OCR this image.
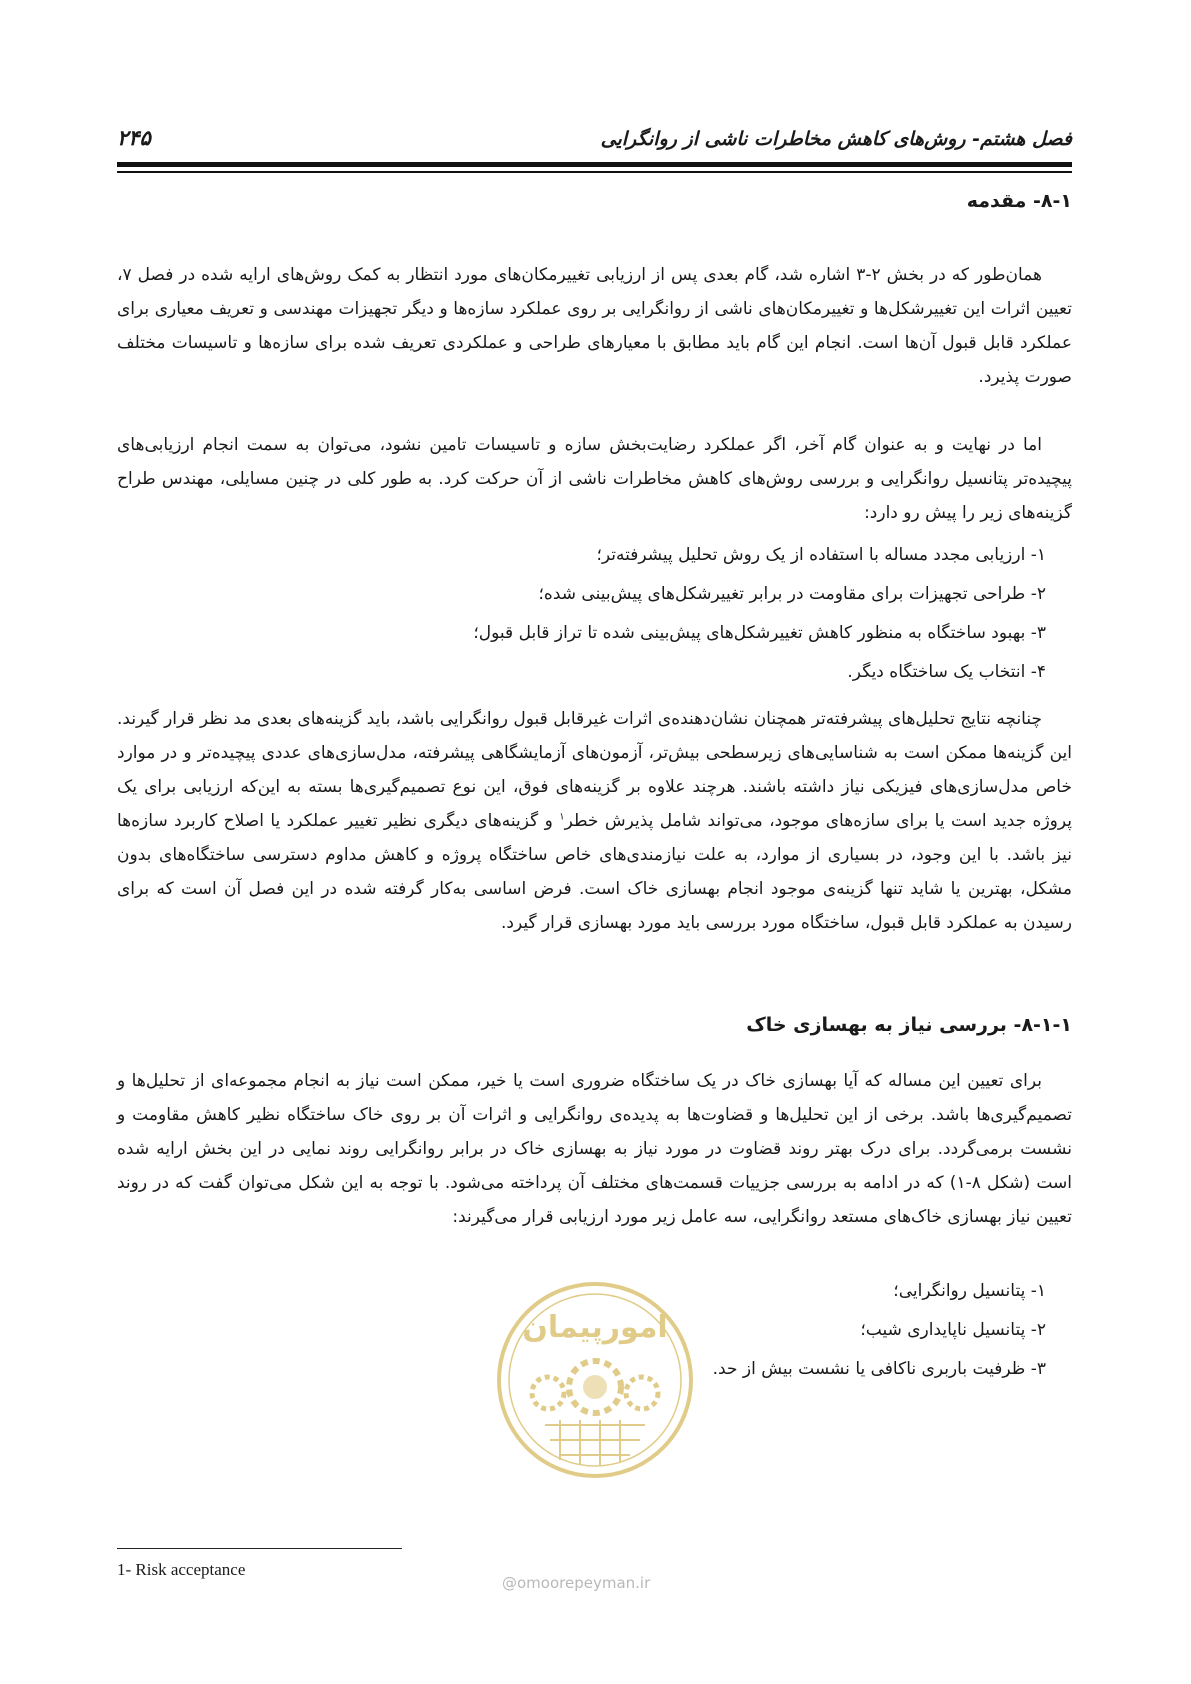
فصل هشتم- روش‌های کاهش مخاطرات ناشی از روانگرایی
۲۴۵
۸-۱- مقدمه

همان‌طور که در بخش ۲-۳ اشاره شد، گام بعدی پس از ارزیابی تغییرمکان‌های مورد انتظار به کمک روش‌های ارایه شده در فصل ۷، تعیین اثرات این تغییرشکل‌ها و تغییرمکان‌های ناشی از روانگرایی بر روی عملکرد سازه‌ها و دیگر تجهیزات مهندسی و تعریف معیاری برای عملکرد قابل قبول آن‌ها است. انجام این گام باید مطابق با معیارهای طراحی و عملکردی تعریف شده برای سازه‌ها و تاسیسات مختلف صورت پذیرد.

اما در نهایت و به عنوان گام آخر، اگر عملکرد رضایت‌بخش سازه و تاسیسات تامین نشود، می‌توان به سمت انجام ارزیابی‌های پیچیده‌تر پتانسیل روانگرایی و بررسی روش‌های کاهش مخاطرات ناشی از آن حرکت کرد. به طور کلی در چنین مسایلی، مهندس طراح گزینه‌های زیر را پیش رو دارد:

۱- ارزیابی مجدد مساله با استفاده از یک روش تحلیل پیشرفته‌تر؛
۲- طراحی تجهیزات برای مقاومت در برابر تغییرشکل‌های پیش‌بینی شده؛
۳- بهبود ساختگاه به منظور کاهش تغییرشکل‌های پیش‌بینی شده تا تراز قابل قبول؛
۴- انتخاب یک ساختگاه دیگر.

چنانچه نتایج تحلیل‌های پیشرفته‌تر همچنان نشان‌دهنده‌ی اثرات غیرقابل قبول روانگرایی باشد، باید گزینه‌های بعدی مد نظر قرار گیرند. این گزینه‌ها ممکن است به شناسایی‌های زیرسطحی بیش‌تر، آزمون‌های آزمایشگاهی پیشرفته، مدل‌سازی‌های عددی پیچیده‌تر و در موارد خاص مدل‌سازی‌های فیزیکی نیاز داشته باشند. هرچند علاوه بر گزینه‌های فوق، این نوع تصمیم‌گیری‌ها بسته به این‌که ارزیابی برای یک پروژه جدید است یا برای سازه‌های موجود، می‌تواند شامل پذیرش خطر$^۱$ و گزینه‌های دیگری نظیر تغییر عملکرد یا اصلاح کاربرد سازه‌ها نیز باشد. با این وجود، در بسیاری از موارد، به علت نیازمندی‌های خاص ساختگاه پروژه و کاهش مداوم دسترسی ساختگاه‌های بدون مشکل، بهترین یا شاید تنها گزینه‌ی موجود انجام بهسازی خاک است. فرض اساسی به‌کار گرفته شده در این فصل آن است که برای رسیدن به عملکرد قابل قبول، ساختگاه مورد بررسی باید مورد بهسازی قرار گیرد.

۸-۱-۱- بررسی نیاز به بهسازی خاک

برای تعیین این مساله که آیا بهسازی خاک در یک ساختگاه ضروری است یا خیر، ممکن است نیاز به انجام مجموعه‌ای از تحلیل‌ها و تصمیم‌گیری‌ها باشد. برخی از این تحلیل‌ها و قضاوت‌ها به پدیده‌ی روانگرایی و اثرات آن بر روی خاک ساختگاه نظیر کاهش مقاومت و نشست برمی‌گردد. برای درک بهتر روند قضاوت در مورد نیاز به بهسازی خاک در برابر روانگرایی روند نمایی در این بخش ارایه شده است (شکل ۸-۱) که در ادامه به بررسی جزییات قسمت‌های مختلف آن پرداخته می‌شود. با توجه به این شکل می‌توان گفت که در روند تعیین نیاز بهسازی خاک‌های مستعد روانگرایی، سه عامل زیر مورد ارزیابی قرار می‌گیرند:

۱- پتانسیل روانگرایی؛
۲- پتانسیل ناپایداری شیب؛
۳- ظرفیت باربری ناکافی یا نشست بیش از حد.
1- Risk acceptance
امورپیمان
@omoorepeyman.ir
